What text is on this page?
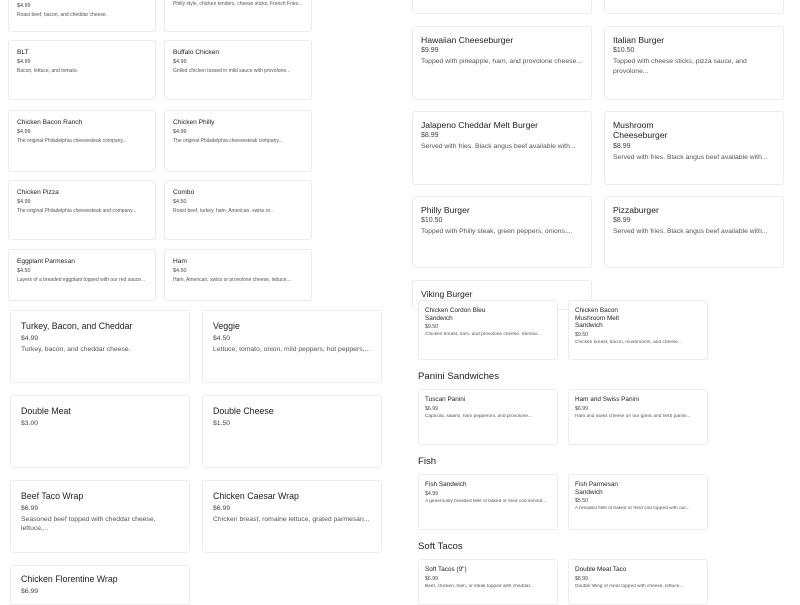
$4.99
Roast beef, bacon, and cheddar cheese.
BLT
$4.99
Bacon, lettuce, and tomato.
Chicken Bacon Ranch
$4.99
The original Philadelphia cheesesteak company...
Chicken Pizza
$4.99
The original Philadelphia cheesesteak and company...
Eggplant Parmesan
$4.50
Layers of a breaded eggplant topped with our red sauce...
Philly style, chicken tenders, cheese sticks, French Fries...
Buffalo Chicken
$4.99
Grilled chicken tossed in mild sauce with provolone...
Chicken Philly
$4.99
The original Philadelphia cheesesteak company...
Combo
$4.50
Roast beef, turkey, ham, American, swiss or...
Ham
$4.50
Ham, American, swiss or provolone cheese, lettuce,...
Turkey, Bacon, and Cheddar
$4.99
Turkey, bacon, and cheddar cheese.
Veggie
$4.50
Lettuce, tomato, onion, mild peppers, hot peppers,...
Double Meat
$3.00
Double Cheese
$1.50
Beef Taco Wrap
$6.99
Seasoned beef topped with cheddar cheese, lettuce,...
Chicken Caesar Wrap
$6.99
Chicken breast, romaine lettuce, grated parmesan...
Chicken Florentine Wrap
$6.99
Hawaiian Cheeseburger
$9.99
Topped with pineapple, ham, and provolone cheese...
Italian Burger
$10.50
Topped with cheese sticks, pizza sauce, and provolone...
Jalapeno Cheddar Melt Burger
$8.99
Served with fries. Black angus beef available with...
Mushroom Cheeseburger
$8.99
Served with fries. Black angus beef available with...
Philly Burger
$10.50
Topped with Philly steak, green peppers, onions,...
Pizzaburger
$8.99
Served with fries. Black angus beef available with...
Viking Burger
Chicken Cordon Bleu Sandwich
$9.50
Chicken breast, ham, and provolone cheese. Served...
Chicken Bacon Mushroom Melt Sandwich
$9.50
Chicken breast, bacon, mushrooms, and cheese...
Panini Sandwiches
Tuscan Panini
$6.99
Capicola, salami, ham pepperoni, and provolone...
Ham and Swiss Panini
$6.99
Ham and swiss cheese on our garlic and herb panini...
Fish
Fish Sandwich
$4.99
A generously breaded fillet of baked or fried cod served...
Fish Parmesan Sandwich
$5.50
A breaded fillet of baked or fried cod topped with our...
Soft Tacos
Soft Tacos (9")
$6.99
Beef, chicken, ham, or steak topped with cheddar...
Double Meat Taco
$8.99
Double filling of meat topped with cheese, lettuce...
